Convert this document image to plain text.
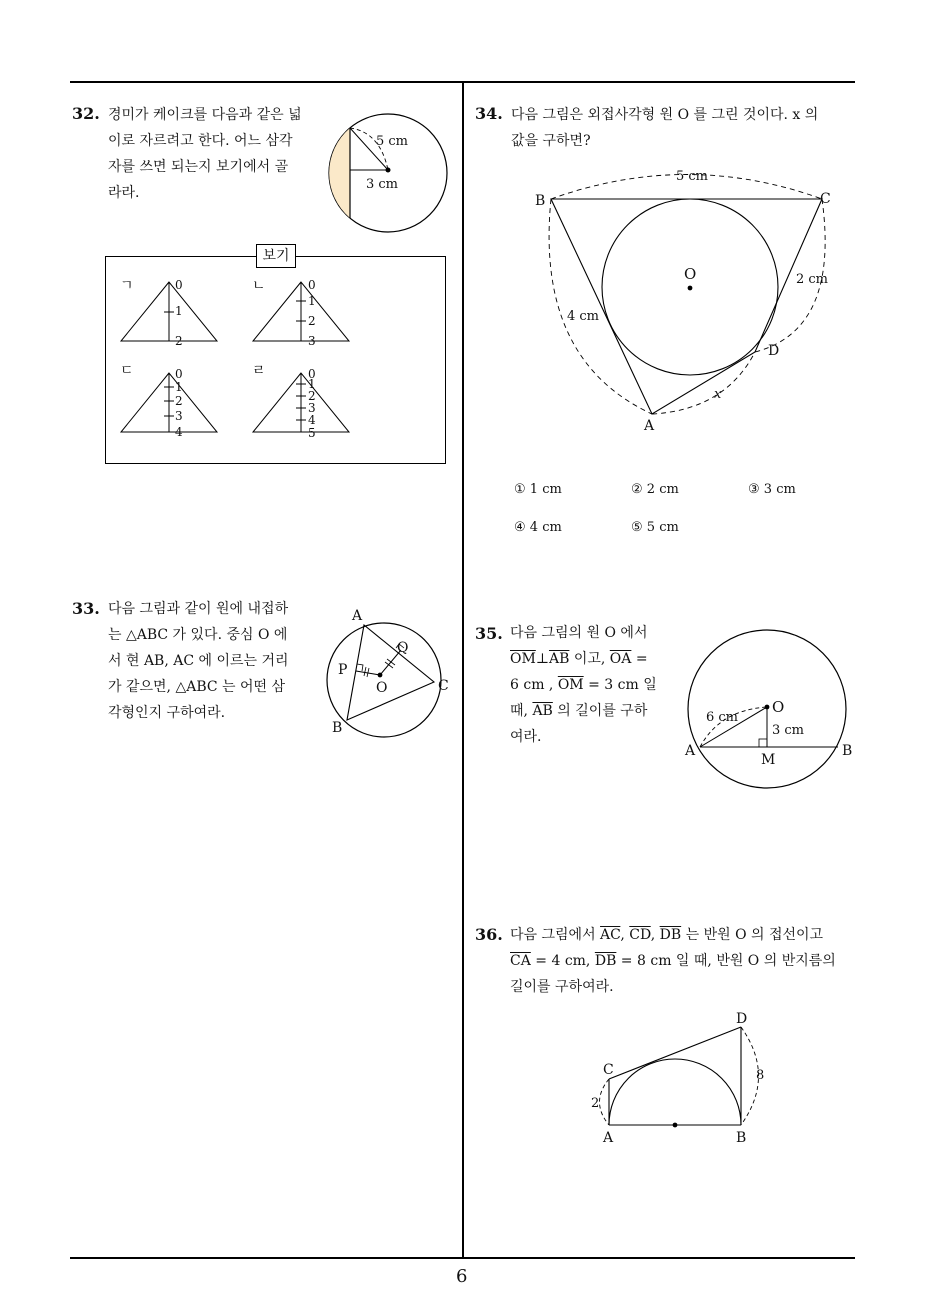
32. 경미가 케이크를 다음과 같은 넓
이로 자르려고 한다. 어느 삼각
자를 쓰면 되는지 보기에서 골
라라.
5 cm
3 cm
보기
ㄱ	0
1
2
ㄴ	0
1
2
3
ㄷ	0
1
2
3
4
ㄹ	0
1
2
3
4
5
33. 다음 그림과 같이 원에 내접하
는 △ABC 가 있다. 중심 O 에
서 현 AB, AC 에 이르는 거리
가 같으면, △ABC 는 어떤 삼
각형인지 구하여라.
A
B
C
P
Q
O
34. 다음 그림은 외접사각형 원 O 를 그린 것이다. x 의
값을 구하면?
5 cm
2 cm
4 cm
x
O
B	C
D
A
① 1 cm	② 2 cm	③ 3 cm
④ 4 cm	⑤ 5 cm
35. 다음 그림의 원 O 에서
$\overline{OM}\perp\overline{AB}$ 이고, $\overline{OA}$ =
6 cm , $\overline{OM} = 3$ cm 일
때, $\overline{AB}$ 의 길이를 구하
여라.
6 cm
3 cm
O
A	B
M
36. 다음 그림에서 $\overline{AC}$, $\overline{CD}$, $\overline{DB}$ 는 반원 O 의 접선이고
$\overline{CA} = 4$ cm, $\overline{DB} = 8$ cm 일 때, 반원 O 의 반지름의
길이를 구하여라.
2
8
A	B
C
D
6
